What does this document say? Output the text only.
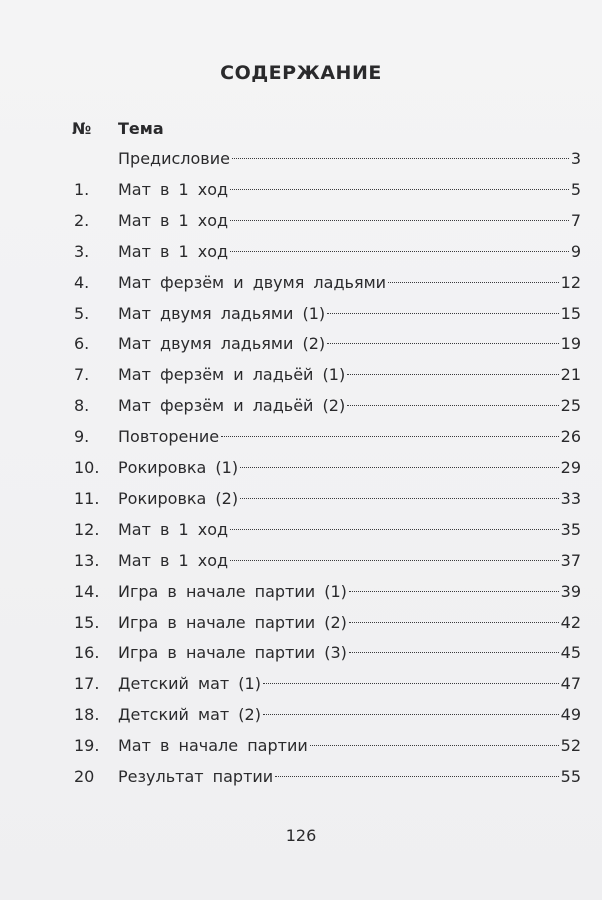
СОДЕРЖАНИЕ
№ Тема
Предисловие	3
1. Мат в 1 ход	5
2. Мат в 1 ход	7
3. Мат в 1 ход	9
4. Мат ферзём и двумя ладьями	12
5. Мат двумя ладьями (1)	15
6. Мат двумя ладьями (2)	19
7. Мат ферзём и ладьёй (1)	21
8. Мат ферзём и ладьёй (2)	25
9. Повторение	26
10. Рокировка (1)	29
11. Рокировка (2)	33
12. Мат в 1 ход	35
13. Мат в 1 ход	37
14. Игра в начале партии (1)	39
15. Игра в начале партии (2)	42
16. Игра в начале партии (3)	45
17. Детский мат (1)	47
18. Детский мат (2)	49
19. Мат в начале партии	52
20 Результат партии	55
126
